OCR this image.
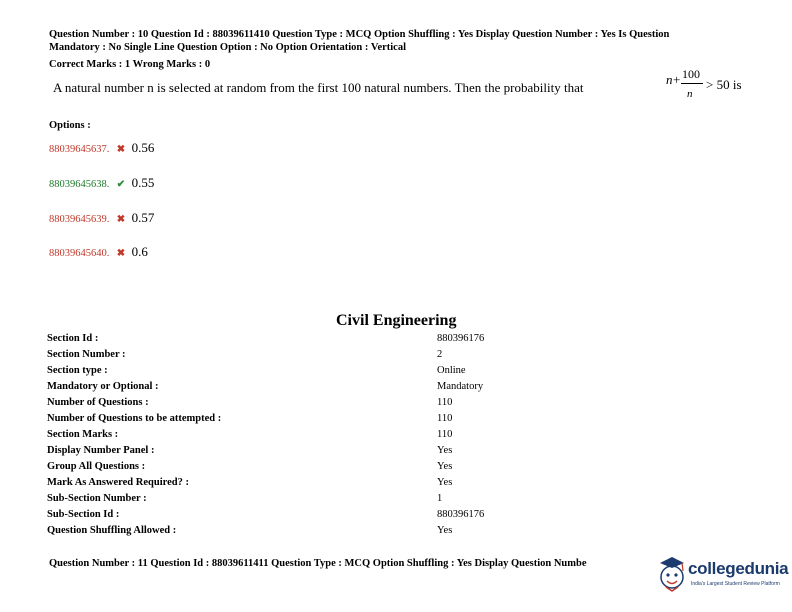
Question Number : 10 Question Id : 88039611410 Question Type : MCQ Option Shuffling : Yes Display Question Number : Yes Is Question
Mandatory : No Single Line Question Option : No Option Orientation : Vertical
Correct Marks : 1 Wrong Marks : 0
A natural number n is selected at random from the first 100 natural numbers. Then the probability that
n + 100
n
> 50 is
Options :
88039645637. ✖ 0.56
88039645638. ✔ 0.55
88039645639. ✖ 0.57
88039645640. ✖ 0.6
Civil Engineering
Section Id :	880396176
Section Number :	2
Section type :	Online
Mandatory or Optional :	Mandatory
Number of Questions :	110
Number of Questions to be attempted :	110
Section Marks :	110
Display Number Panel :	Yes
Group All Questions :	Yes
Mark As Answered Required? :	Yes
Sub-Section Number :	1
Sub-Section Id :	880396176
Question Shuffling Allowed :	Yes
Question Number : 11 Question Id : 88039611411 Question Type : MCQ Option Shuffling : Yes Display Question Numbe	collegedunia
India's Largest Student Review Platform
